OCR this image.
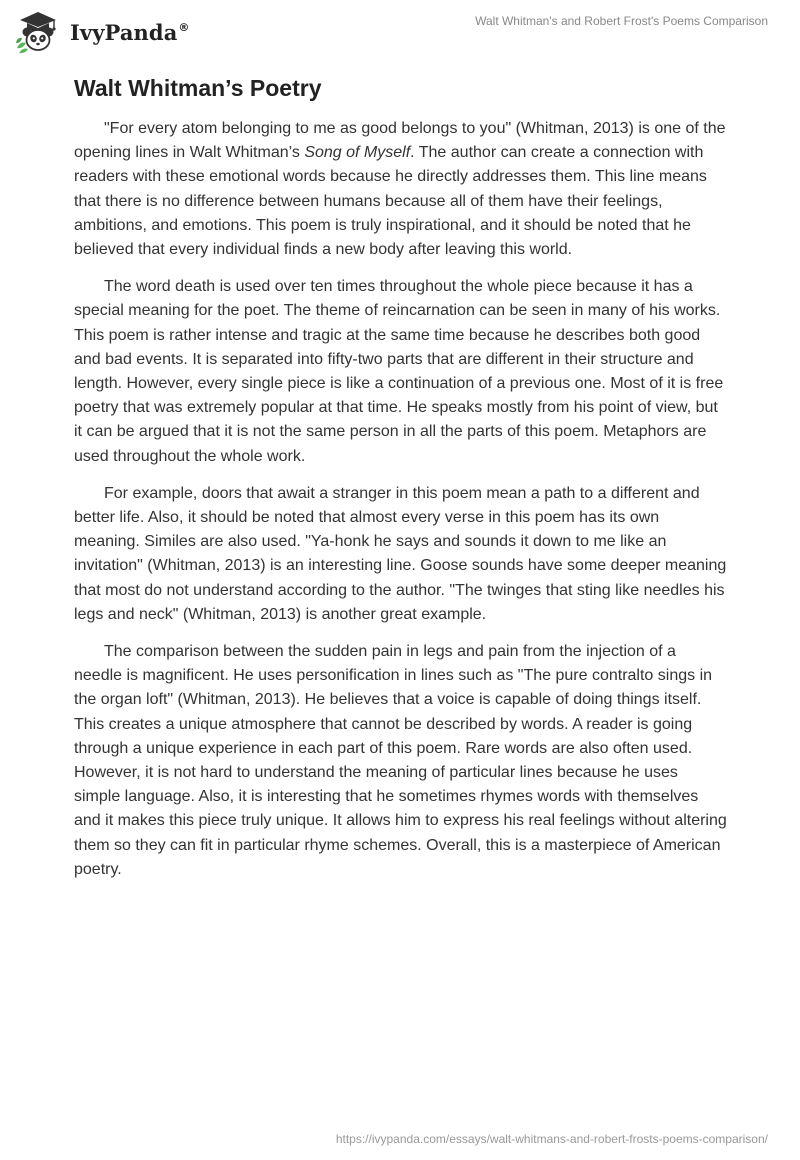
IvyPanda®	Walt Whitman's and Robert Frost's Poems Comparison
Walt Whitman’s Poetry

"For every atom belonging to me as good belongs to you" (Whitman, 2013) is one of the opening lines in Walt Whitman’s Song of Myself. The author can create a connection with readers with these emotional words because he directly addresses them. This line means that there is no difference between humans because all of them have their feelings, ambitions, and emotions. This poem is truly inspirational, and it should be noted that he believed that every individual finds a new body after leaving this world.

The word death is used over ten times throughout the whole piece because it has a special meaning for the poet. The theme of reincarnation can be seen in many of his works. This poem is rather intense and tragic at the same time because he describes both good and bad events. It is separated into fifty-two parts that are different in their structure and length. However, every single piece is like a continuation of a previous one. Most of it is free poetry that was extremely popular at that time. He speaks mostly from his point of view, but it can be argued that it is not the same person in all the parts of this poem. Metaphors are used throughout the whole work.

For example, doors that await a stranger in this poem mean a path to a different and better life. Also, it should be noted that almost every verse in this poem has its own meaning. Similes are also used. "Ya-honk he says and sounds it down to me like an invitation" (Whitman, 2013) is an interesting line. Goose sounds have some deeper meaning that most do not understand according to the author. "The twinges that sting like needles his legs and neck" (Whitman, 2013) is another great example.

The comparison between the sudden pain in legs and pain from the injection of a needle is magnificent. He uses personification in lines such as "The pure contralto sings in the organ loft" (Whitman, 2013). He believes that a voice is capable of doing things itself. This creates a unique atmosphere that cannot be described by words. A reader is going through a unique experience in each part of this poem. Rare words are also often used. However, it is not hard to understand the meaning of particular lines because he uses simple language. Also, it is interesting that he sometimes rhymes words with themselves and it makes this piece truly unique. It allows him to express his real feelings without altering them so they can fit in particular rhyme schemes. Overall, this is a masterpiece of American poetry.

https://ivypanda.com/essays/walt-whitmans-and-robert-frosts-poems-comparison/
